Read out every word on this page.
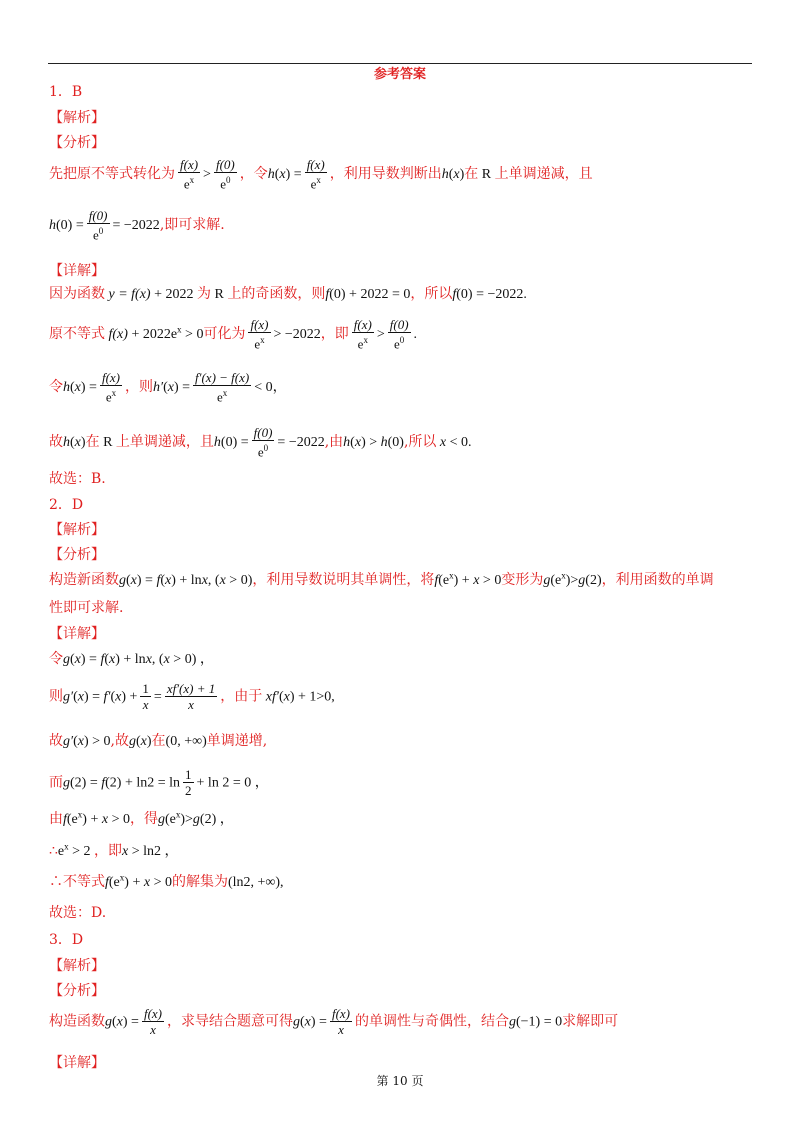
参考答案
1．B
【解析】
【分析】
先把原不等式转化为 $\frac{f(x)}{e^x} > \frac{f(0)}{e^0}$ ，令$h(x) = \frac{f(x)}{e^x}$ ，利用导数判断出h(x)在 R 上单调递减，且
$h(0) = \frac{f(0)}{e^0} = -2022$,即可求解.
【详解】
因为函数 y = f(x) + 2022 为 R 上的奇函数，则f(0) + 2022 = 0，所以f(0) = −2022.
原不等式 $f(x) + 2022e^x > 0$可化为 $\frac{f(x)}{e^x} > -2022$，即 $\frac{f(x)}{e^x} > \frac{f(0)}{e^0}$ .
令$h(x) = \frac{f(x)}{e^x}$ ，则$h'(x) = \frac{f'(x) - f(x)}{e^x} < 0$，
故h(x)在 R 上单调递减，且$h(0) = \frac{f(0)}{e^0} = -2022$,由h(x) > h(0),所以 x < 0.
故选：B.
2．D
【解析】
【分析】
构造新函数g(x) = f(x) + lnx, (x > 0)，利用导数说明其单调性，将$f(e^x) + x > 0$变形为$g(e^x)>g(2)$，利用函数的单调
性即可求解.
【详解】
令g(x) = f(x) + lnx, (x > 0) ，
则$g'(x) = f'(x) + \frac{1}{x} = \frac{xf'(x) + 1}{x}$ ，由于 xf′(x) + 1>0,
故g′(x) > 0,故g(x)在(0, +∞)单调递增,
而$g(2) = f(2) + \ln 2 = \ln \frac{1}{2} + \ln 2 = 0$ ，
由$f(e^x) + x > 0$，得$g(e^x)>g(2)$ ，
$\therefore e^x > 2$ ，即x > ln2 ，
∴不等式$f(e^x) + x > 0$的解集为(ln2, +∞),
故选：D.
3．D
【解析】
【分析】
构造函数$g(x) = \frac{f(x)}{x}$ ，求导结合题意可得$g(x) = \frac{f(x)}{x}$ 的单调性与奇偶性，结合g(−1) = 0求解即可
【详解】
第 10 页
